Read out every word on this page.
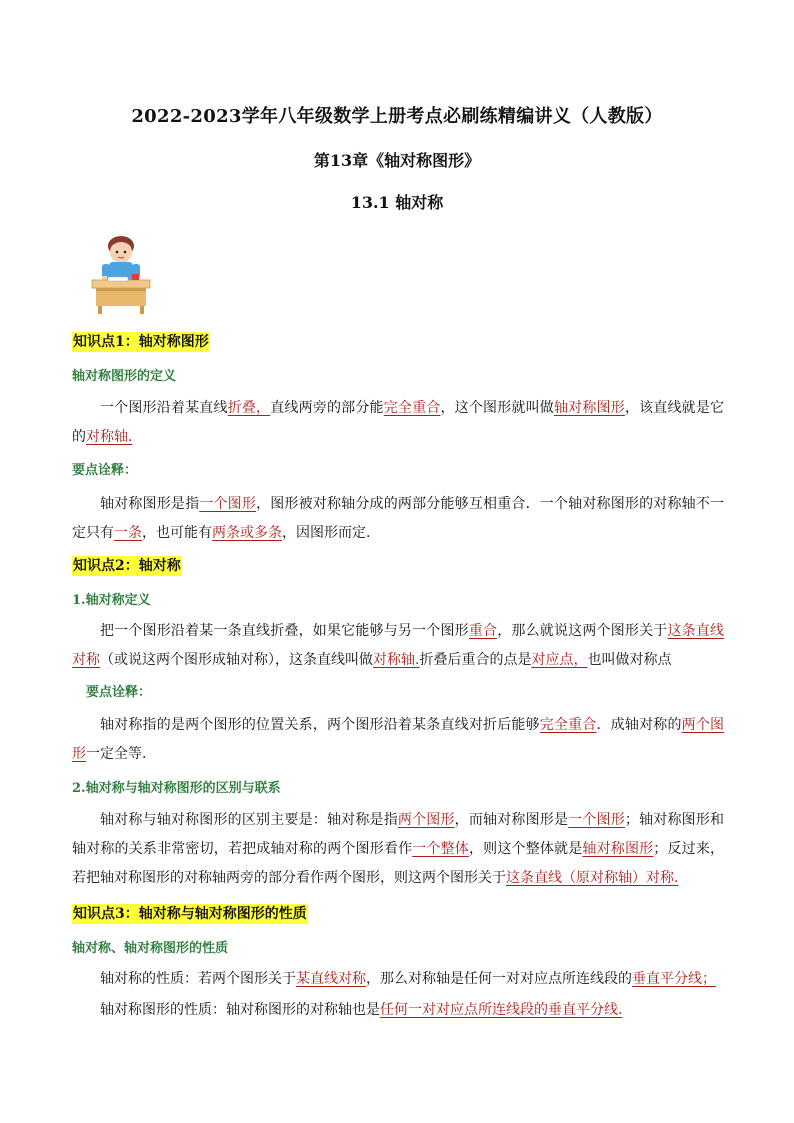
2022-2023学年八年级数学上册考点必刷练精编讲义（人教版）
第13章《轴对称图形》
13.1 轴对称
知识点1：轴对称图形
轴对称图形的定义
一个图形沿着某直线折叠，直线两旁的部分能完全重合，这个图形就叫做轴对称图形，该直线就是它的对称轴.
要点诠释：
轴对称图形是指一个图形，图形被对称轴分成的两部分能够互相重合．一个轴对称图形的对称轴不一定只有一条，也可能有两条或多条，因图形而定.
知识点2：轴对称
1.轴对称定义
把一个图形沿着某一条直线折叠，如果它能够与另一个图形重合，那么就说这两个图形关于这条直线对称（或说这两个图形成轴对称），这条直线叫做对称轴.折叠后重合的点是对应点，也叫做对称点
要点诠释：
轴对称指的是两个图形的位置关系，两个图形沿着某条直线对折后能够完全重合．成轴对称的两个图形一定全等.
2.轴对称与轴对称图形的区别与联系
轴对称与轴对称图形的区别主要是：轴对称是指两个图形，而轴对称图形是一个图形；轴对称图形和轴对称的关系非常密切，若把成轴对称的两个图形看作一个整体，则这个整体就是轴对称图形；反过来，若把轴对称图形的对称轴两旁的部分看作两个图形，则这两个图形关于这条直线（原对称轴）对称.
知识点3：轴对称与轴对称图形的性质
轴对称、轴对称图形的性质
轴对称的性质：若两个图形关于某直线对称，那么对称轴是任何一对对应点所连线段的垂直平分线；
轴对称图形的性质：轴对称图形的对称轴也是任何一对对应点所连线段的垂直平分线.
